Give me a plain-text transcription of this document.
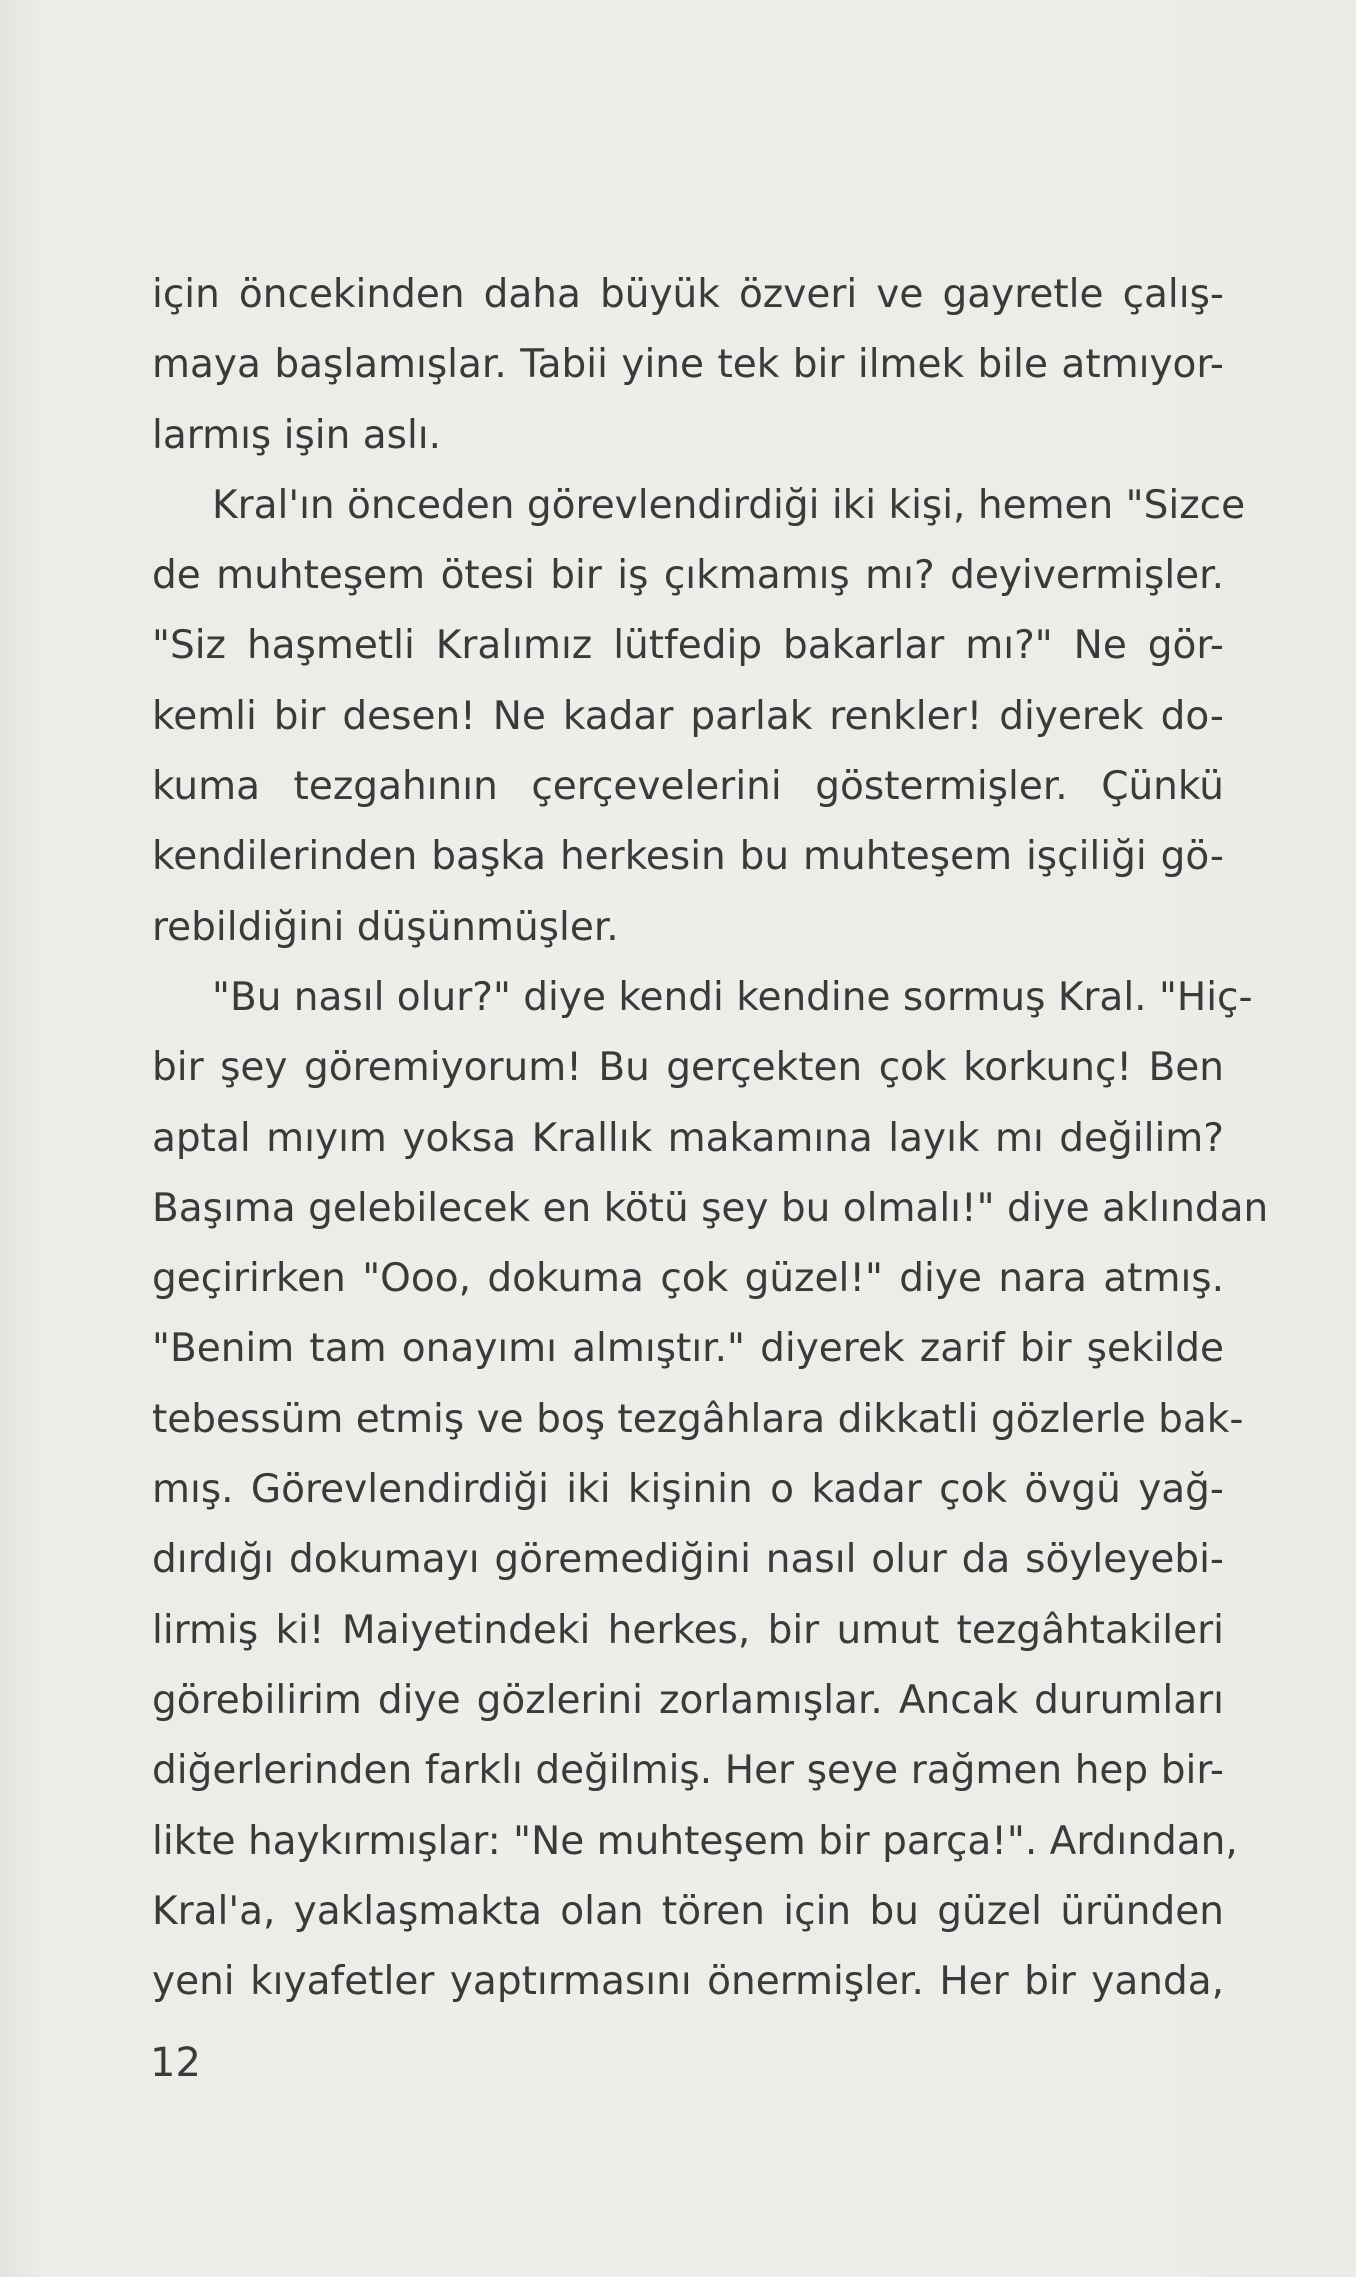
için öncekinden daha büyük özveri ve gayretle çalış-
maya başlamışlar. Tabii yine tek bir ilmek bile atmıyor-
larmış işin aslı.
Kral'ın önceden görevlendirdiği iki kişi, hemen "Sizce
de muhteşem ötesi bir iş çıkmamış mı? deyivermişler.
"Siz haşmetli Kralımız lütfedip bakarlar mı?" Ne gör-
kemli bir desen! Ne kadar parlak renkler! diyerek do-
kuma tezgahının çerçevelerini göstermişler. Çünkü
kendilerinden başka herkesin bu muhteşem işçiliği gö-
rebildiğini düşünmüşler.
"Bu nasıl olur?" diye kendi kendine sormuş Kral. "Hiç-
bir şey göremiyorum! Bu gerçekten çok korkunç! Ben
aptal mıyım yoksa Krallık makamına layık mı değilim?
Başıma gelebilecek en kötü şey bu olmalı!" diye aklından
geçirirken "Ooo, dokuma çok güzel!" diye nara atmış.
"Benim tam onayımı almıştır." diyerek zarif bir şekilde
tebessüm etmiş ve boş tezgâhlara dikkatli gözlerle bak-
mış. Görevlendirdiği iki kişinin o kadar çok övgü yağ-
dırdığı dokumayı göremediğini nasıl olur da söyleyebi-
lirmiş ki! Maiyetindeki herkes, bir umut tezgâhtakileri
görebilirim diye gözlerini zorlamışlar. Ancak durumları
diğerlerinden farklı değilmiş. Her şeye rağmen hep bir-
likte haykırmışlar: "Ne muhteşem bir parça!". Ardından,
Kral'a, yaklaşmakta olan tören için bu güzel üründen
yeni kıyafetler yaptırmasını önermişler. Her bir yanda,
12
